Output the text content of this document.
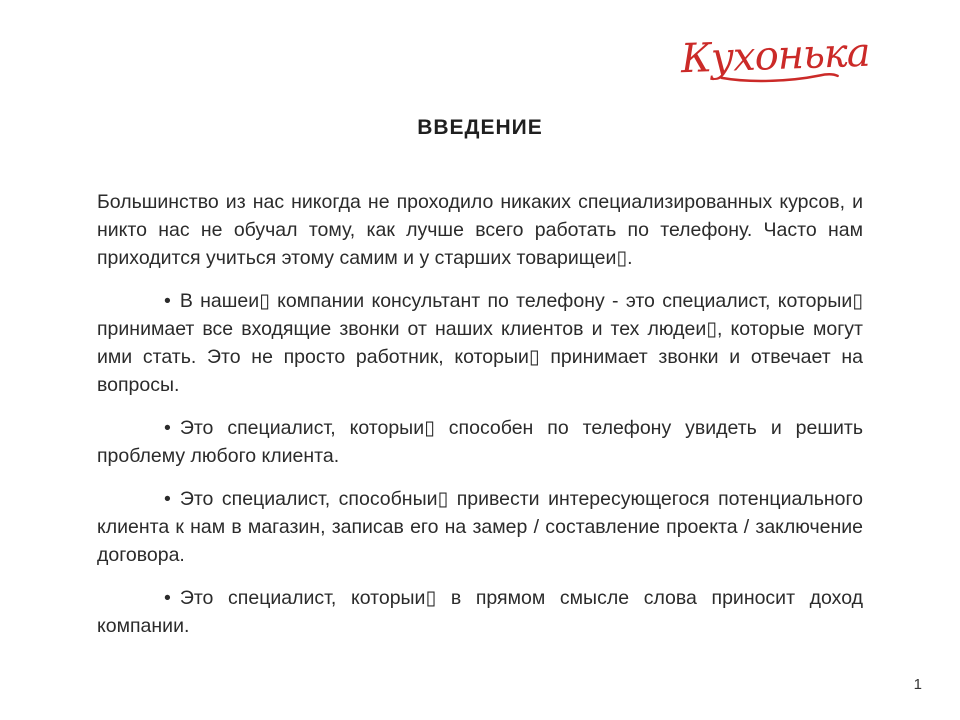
Кухонька
ВВЕДЕНИЕ

Большинство из нас никогда не проходило никаких специализированных курсов, и никто нас не обучал тому, как лучше всего работать по телефону. Часто нам приходится учиться этому самим и у старших товарищеи▯.

• В нашеи▯ компании консультант по телефону - это специалист, которыи▯ принимает все входящие звонки от наших клиентов и тех людеи▯, которые могут ими стать. Это не просто работник, которыи▯ принимает звонки и отвечает на вопросы.

• Это специалист, которыи▯ способен по телефону увидеть и решить проблему любого клиента.

• Это специалист, способныи▯ привести интересующегося потенциального клиента к нам в магазин, записав его на замер / составление проекта / заключение договора.

• Это специалист, которыи▯ в прямом смысле слова приносит доход компании.

1
